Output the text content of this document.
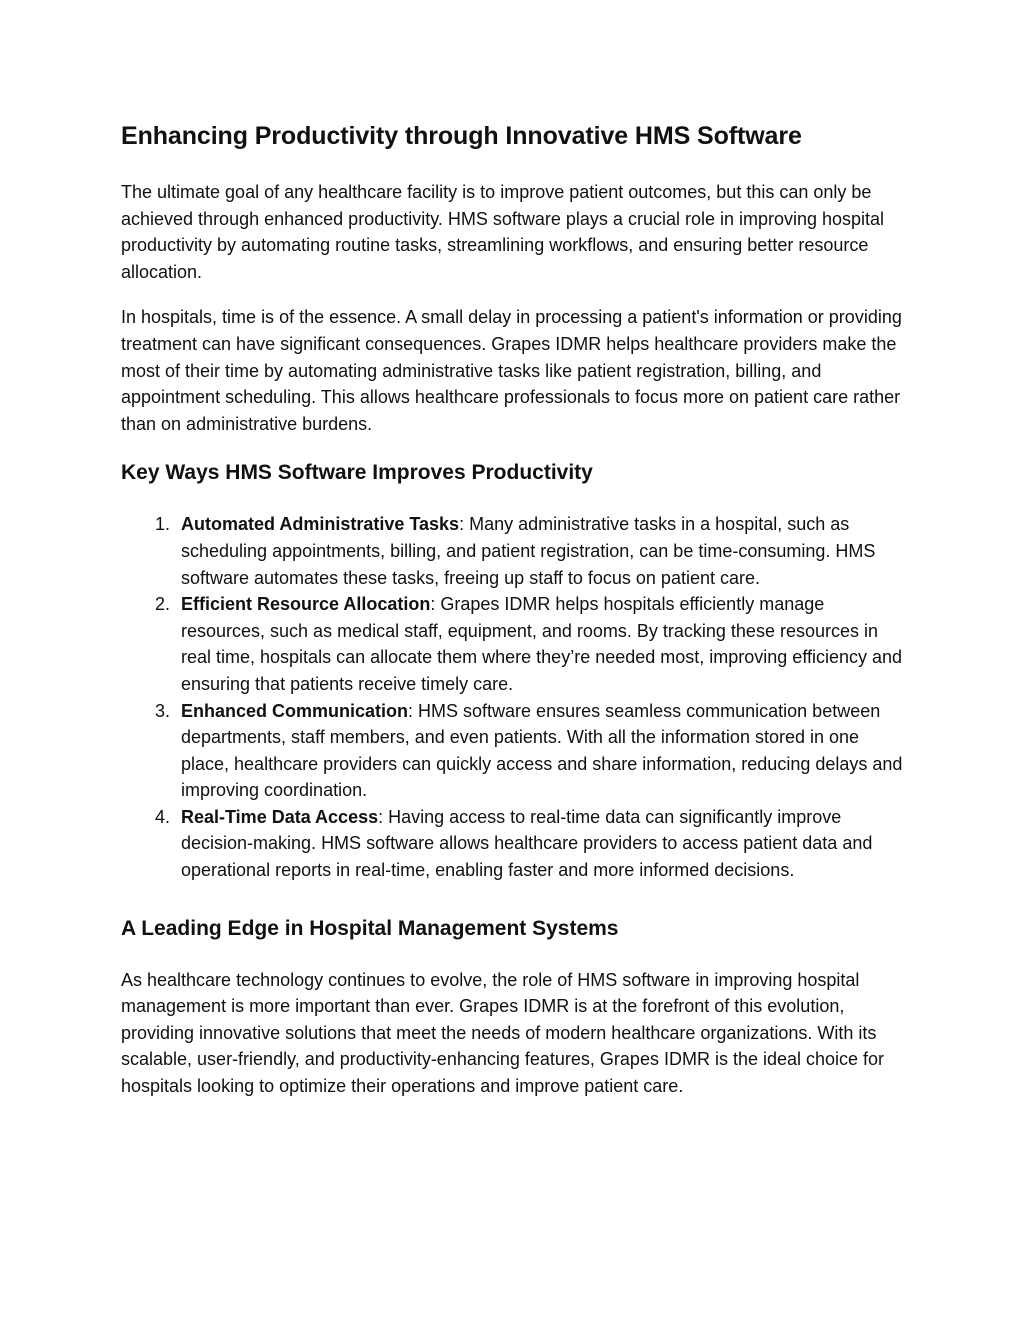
Enhancing Productivity through Innovative HMS Software

The ultimate goal of any healthcare facility is to improve patient outcomes, but this can only be achieved through enhanced productivity. HMS software plays a crucial role in improving hospital productivity by automating routine tasks, streamlining workflows, and ensuring better resource allocation.

In hospitals, time is of the essence. A small delay in processing a patient's information or providing treatment can have significant consequences. Grapes IDMR helps healthcare providers make the most of their time by automating administrative tasks like patient registration, billing, and appointment scheduling. This allows healthcare professionals to focus more on patient care rather than on administrative burdens.

Key Ways HMS Software Improves Productivity
1. Automated Administrative Tasks: Many administrative tasks in a hospital, such as scheduling appointments, billing, and patient registration, can be time-consuming. HMS software automates these tasks, freeing up staff to focus on patient care.
2. Efficient Resource Allocation: Grapes IDMR helps hospitals efficiently manage resources, such as medical staff, equipment, and rooms. By tracking these resources in real time, hospitals can allocate them where they’re needed most, improving efficiency and ensuring that patients receive timely care.
3. Enhanced Communication: HMS software ensures seamless communication between departments, staff members, and even patients. With all the information stored in one place, healthcare providers can quickly access and share information, reducing delays and improving coordination.
4. Real-Time Data Access: Having access to real-time data can significantly improve decision-making. HMS software allows healthcare providers to access patient data and operational reports in real-time, enabling faster and more informed decisions.
A Leading Edge in Hospital Management Systems

As healthcare technology continues to evolve, the role of HMS software in improving hospital management is more important than ever. Grapes IDMR is at the forefront of this evolution, providing innovative solutions that meet the needs of modern healthcare organizations. With its scalable, user-friendly, and productivity-enhancing features, Grapes IDMR is the ideal choice for hospitals looking to optimize their operations and improve patient care.
